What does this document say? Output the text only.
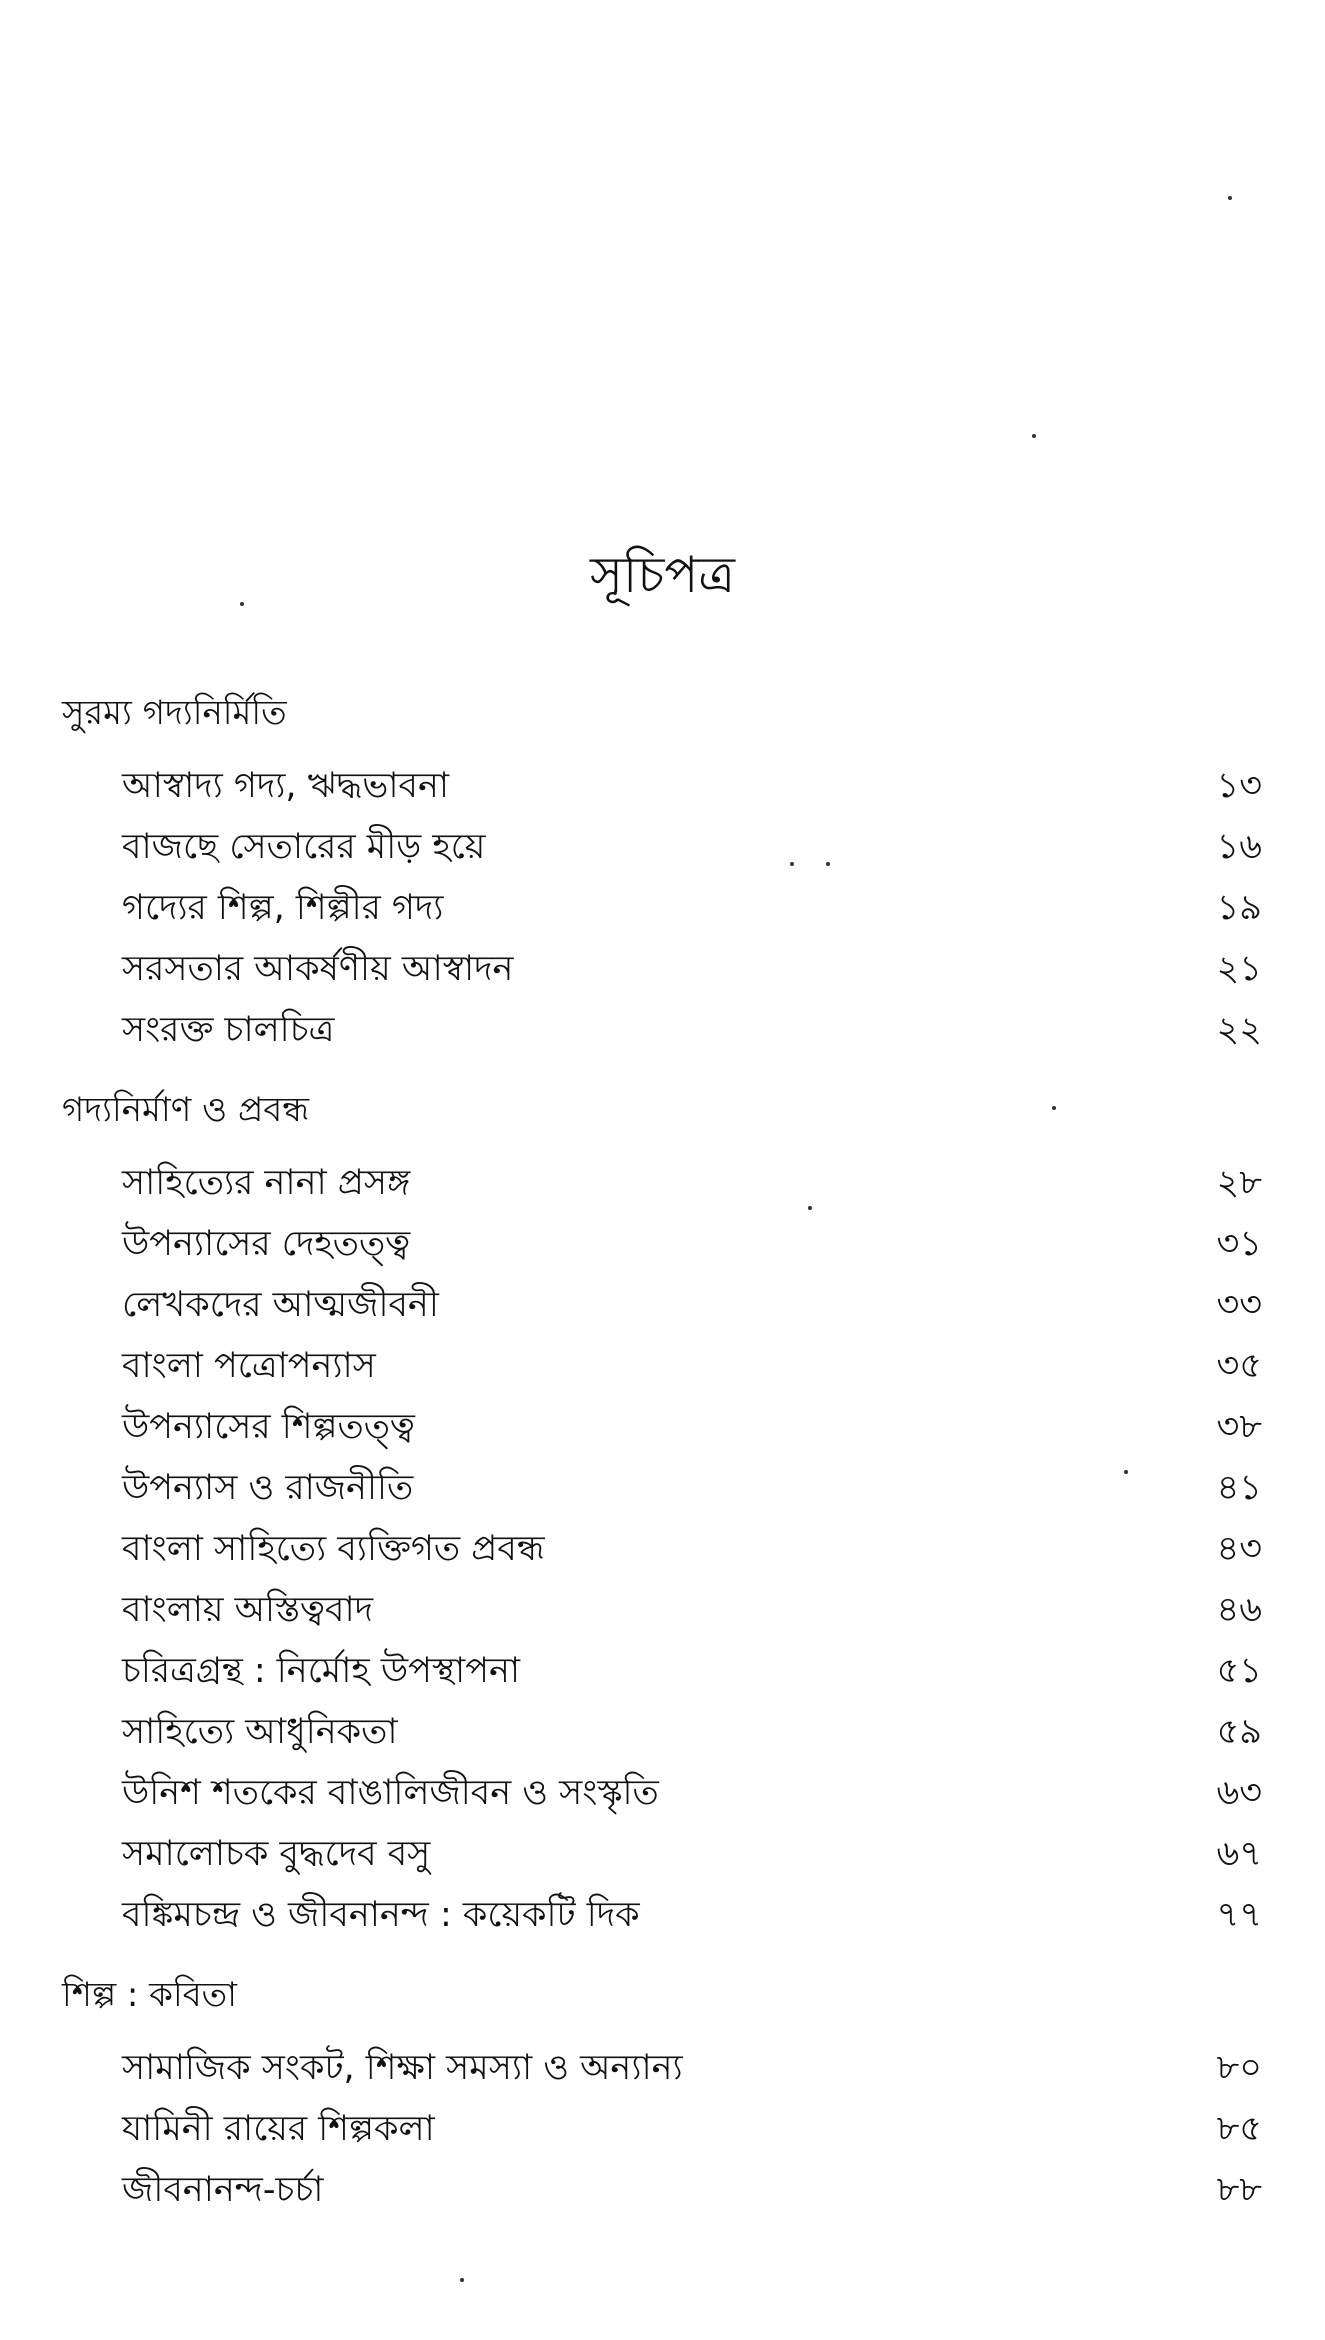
সূচিপত্র
সুরম্য গদ্যনির্মিতি
আস্বাদ্য গদ্য, ঋদ্ধভাবনা	১৩
বাজছে সেতারের মীড় হয়ে	১৬
গদ্যের শিল্প, শিল্পীর গদ্য	১৯
সরসতার আকর্ষণীয় আস্বাদন	২১
সংরক্ত চালচিত্র	২২
গদ্যনির্মাণ ও প্রবন্ধ
সাহিত্যের নানা প্রসঙ্গ	২৮
উপন্যাসের দেহতত্ত্ব	৩১
লেখকদের আত্মজীবনী	৩৩
বাংলা পত্রোপন্যাস	৩৫
উপন্যাসের শিল্পতত্ত্ব	৩৮
উপন্যাস ও রাজনীতি	৪১
বাংলা সাহিত্যে ব্যক্তিগত প্রবন্ধ	৪৩
বাংলায় অস্তিত্ববাদ	৪৬
চরিত্রগ্রন্থ : নির্মোহ উপস্থাপনা	৫১
সাহিত্যে আধুনিকতা	৫৯
উনিশ শতকের বাঙালিজীবন ও সংস্কৃতি	৬৩
সমালোচক বুদ্ধদেব বসু	৬৭
বঙ্কিমচন্দ্র ও জীবনানন্দ : কয়েকটি দিক	৭৭
শিল্প : কবিতা
সামাজিক সংকট, শিক্ষা সমস্যা ও অন্যান্য	৮০
যামিনী রায়ের শিল্পকলা	৮৫
জীবনানন্দ-চর্চা	৮৮
